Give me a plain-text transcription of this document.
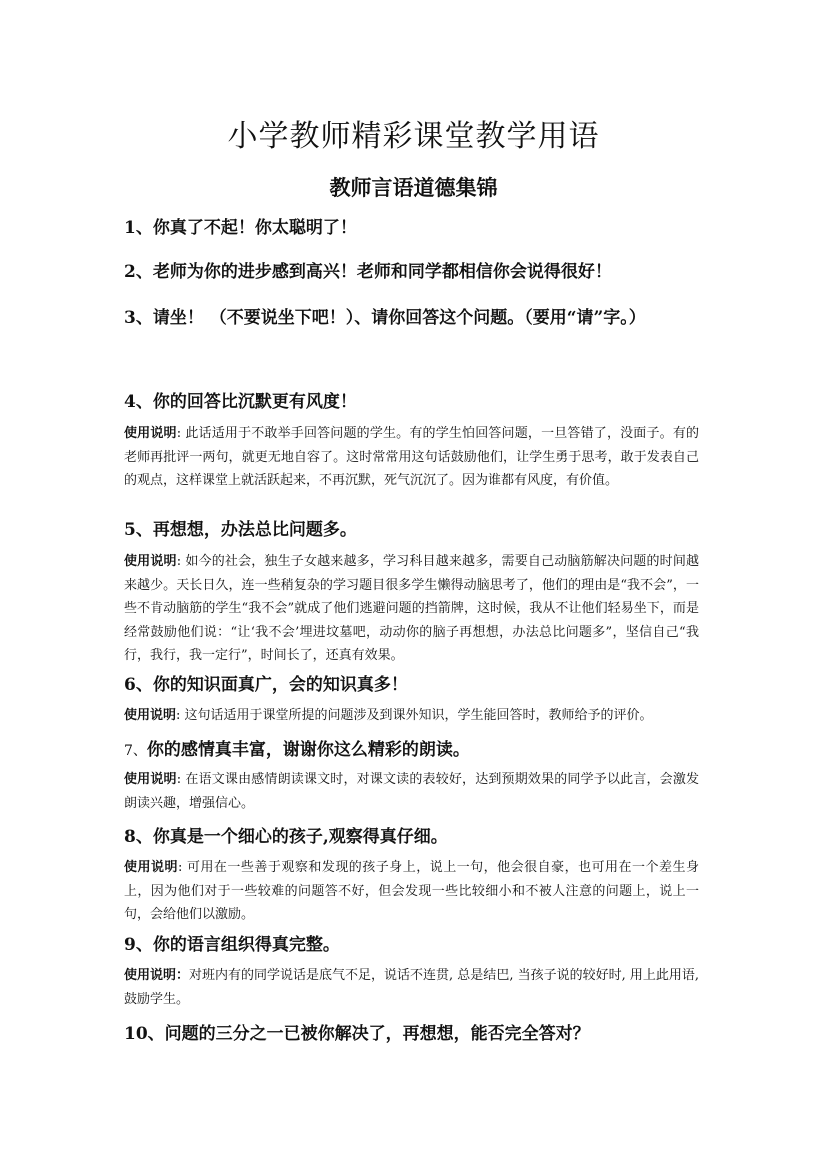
小学教师精彩课堂教学用语
教师言语道德集锦

1、你真了不起！你太聪明了！

2、老师为你的进步感到高兴！老师和同学都相信你会说得很好！

3、请坐！ （不要说坐下吧！）、请你回答这个问题。（要用“请”字。）

4、你的回答比沉默更有风度！

使用说明: 此话适用于不敢举手回答问题的学生。有的学生怕回答问题，一旦答错了，没面子。有的老师再批评一两句，就更无地自容了。这时常常用这句话鼓励他们，让学生勇于思考，敢于发表自己的观点，这样课堂上就活跃起来，不再沉默，死气沉沉了。因为谁都有风度，有价值。

5、再想想，办法总比问题多。

使用说明: 如今的社会，独生子女越来越多，学习科目越来越多，需要自己动脑筋解决问题的时间越来越少。天长日久，连一些稍复杂的学习题目很多学生懒得动脑思考了，他们的理由是“我不会”，一些不肯动脑筋的学生“我不会”就成了他们逃避问题的挡箭牌，这时候，我从不让他们轻易坐下，而是经常鼓励他们说：“让‘我不会’埋进坟墓吧，动动你的脑子再想想，办法总比问题多”，坚信自己“我行，我行，我一定行”，时间长了，还真有效果。

6、你的知识面真广，会的知识真多！

使用说明: 这句话适用于课堂所提的问题涉及到课外知识，学生能回答时，教师给予的评价。

7、你的感情真丰富，谢谢你这么精彩的朗读。

使用说明: 在语文课由感情朗读课文时，对课文读的表较好，达到预期效果的同学予以此言，会激发朗读兴趣，增强信心。

8、你真是一个细心的孩子,观察得真仔细。

使用说明: 可用在一些善于观察和发现的孩子身上，说上一句，他会很自豪，也可用在一个差生身上，因为他们对于一些较难的问题答不好，但会发现一些比较细小和不被人注意的问题上，说上一句，会给他们以激励。

9、你的语言组织得真完整。

使用说明：对班内有的同学说话是底气不足，说话不连贯, 总是结巴, 当孩子说的较好时, 用上此用语, 鼓励学生。

10、问题的三分之一已被你解决了，再想想，能否完全答对？
